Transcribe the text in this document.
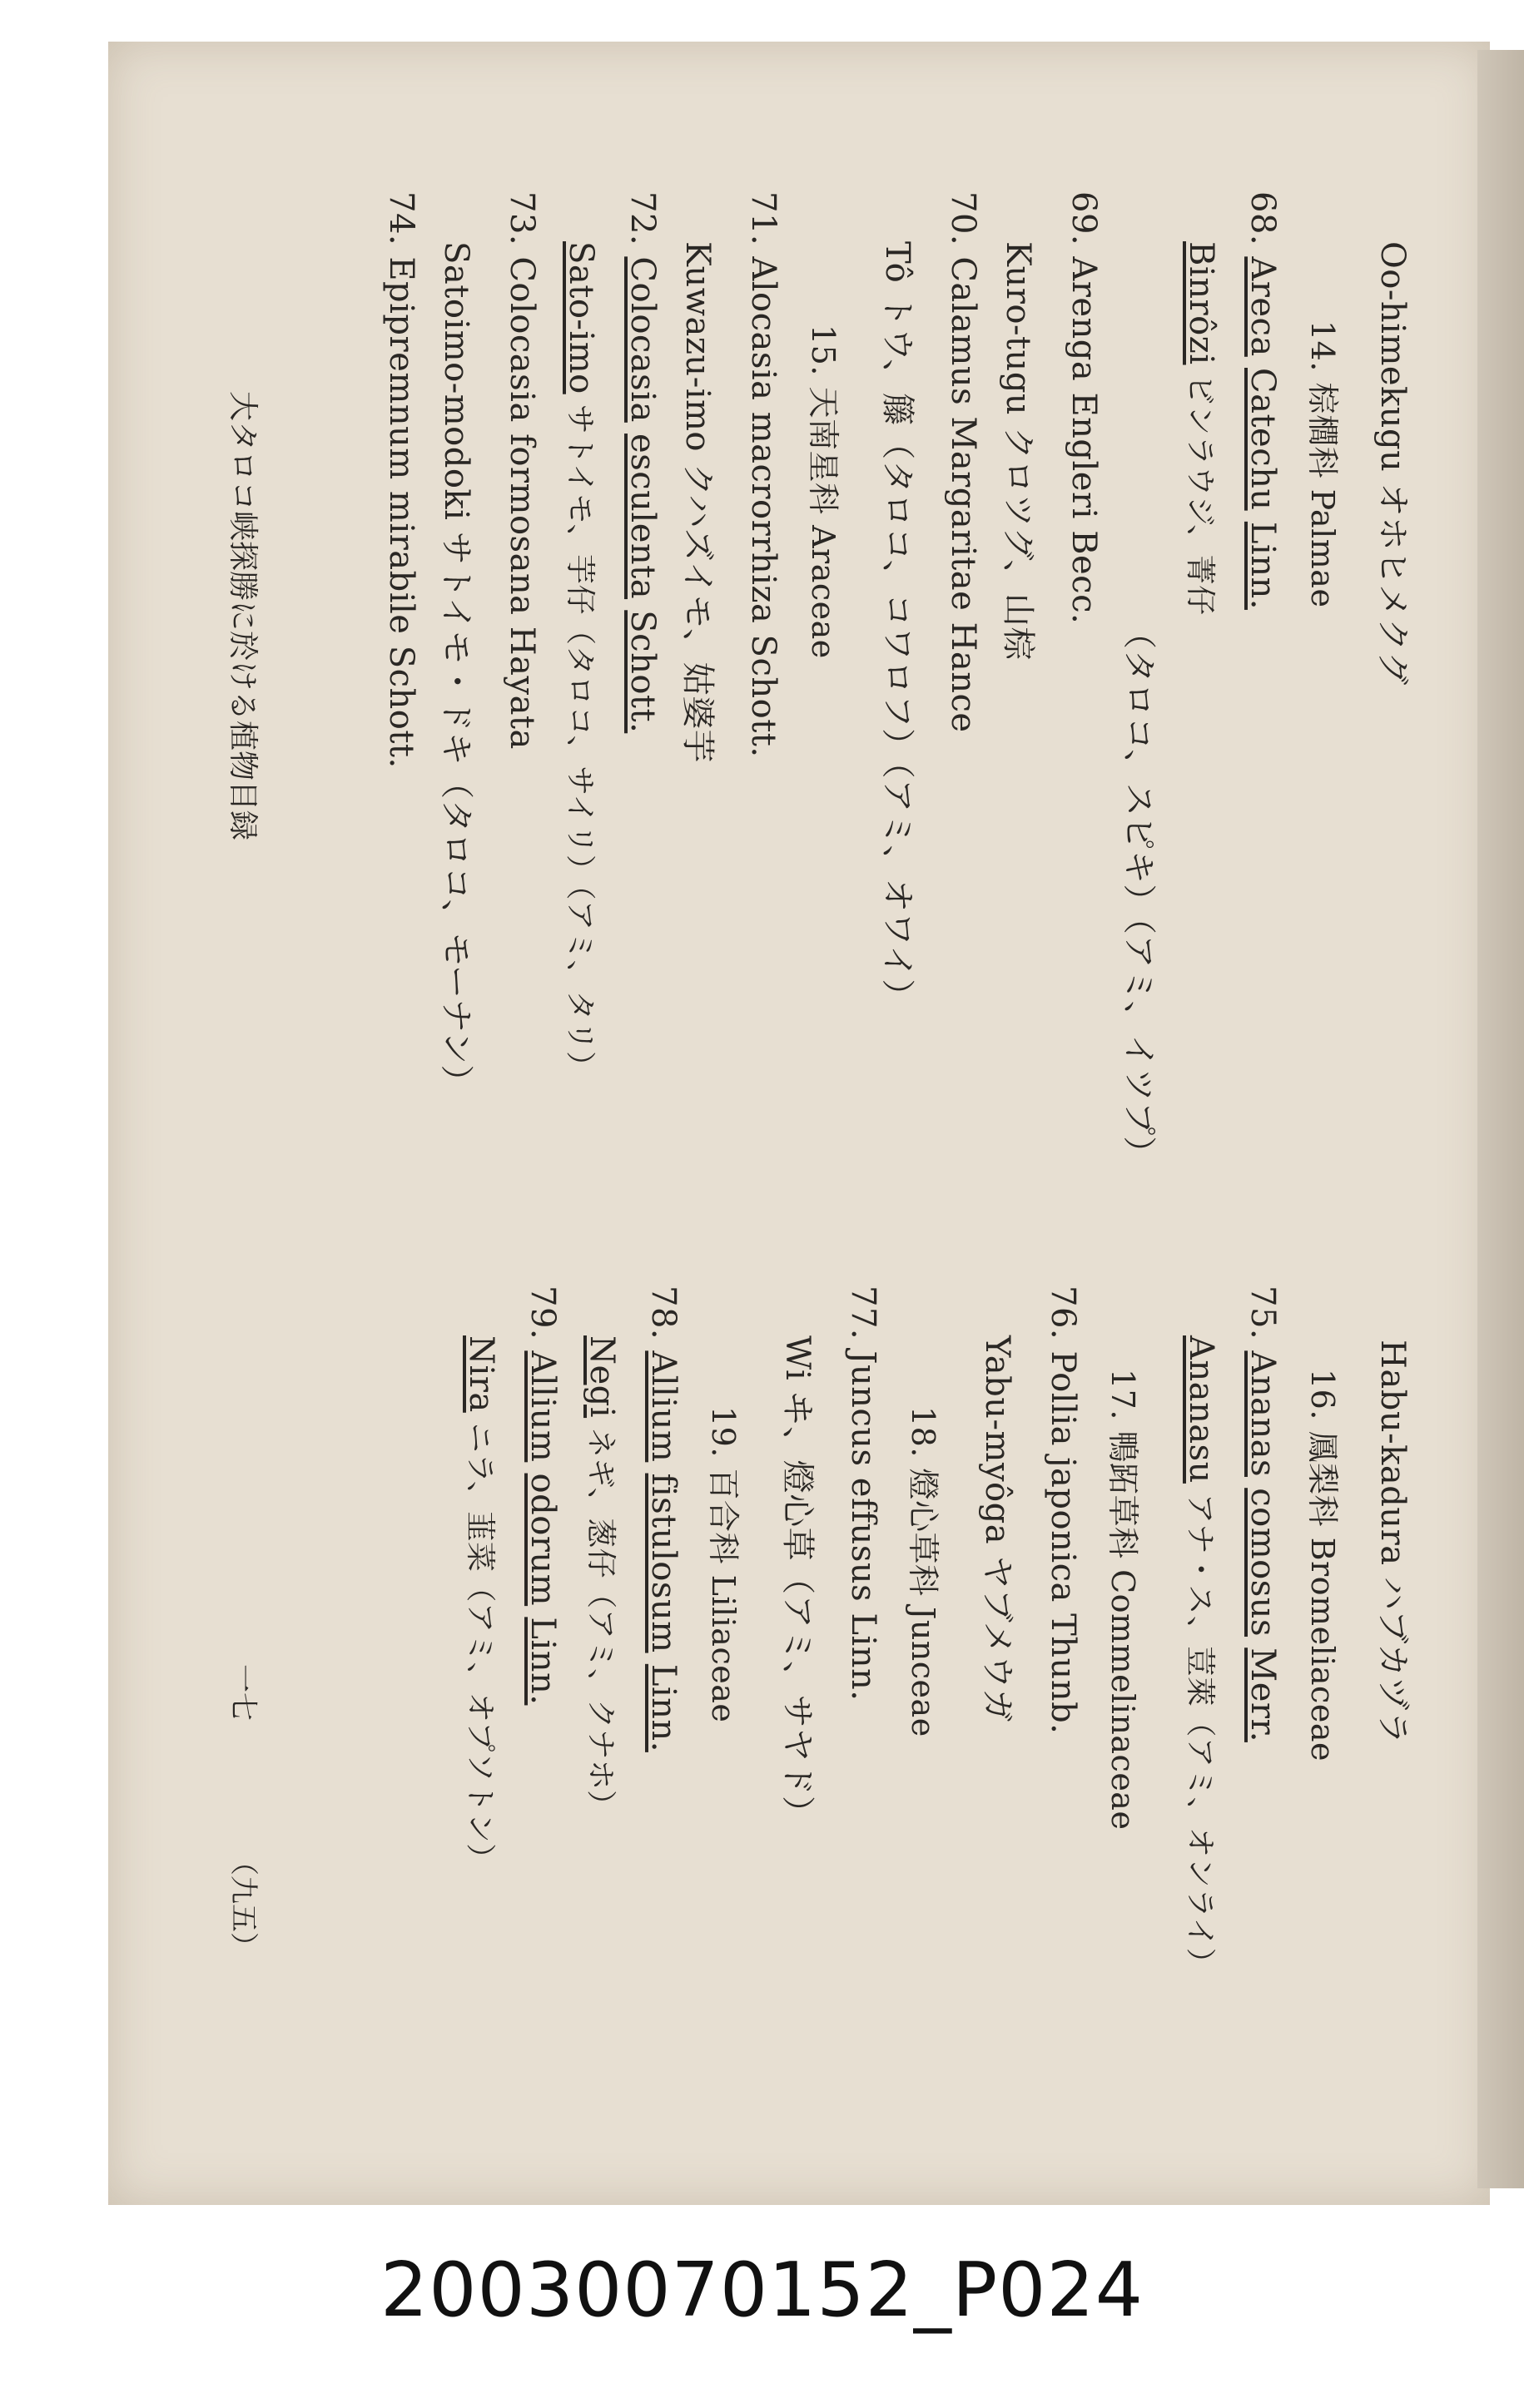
Oo-himekugu オホヒメクグ
14. 棕櫚科 Palmae
68. Areca Catechu Linn.
Binrôzi ビンラウジ、菁仔
（タロコ、スピキ）（アミ、イツプ）
69. Arenga Engleri Becc.
Kuro-tugu クロツグ、山棕
70. Calamus Margaritae Hance
Tô トウ、籐（タロコ、コワロフ）（アミ、オワイ）
15. 天南星科 Araceae
71. Alocasia macrorrhiza Schott.
Kuwazu-imo クハズイモ、姑婆芋
72. Colocasia esculenta Schott.
Sato-imo サトイモ、芋仔（タロコ、サイリ）（アミ、タリ）
73. Colocasia formosana Hayata
Satoimo-modoki サトイモ・ドキ（タロコ、モーナン）
74. Epipremnum mirabile Schott.
Habu-kadura ハブカヅラ
16. 鳳梨科 Bromeliaceae
75. Ananas comosus Merr.
Ananasu アナ・ス、荳萊（アミ、オンライ）
17. 鴨跖草科 Commelinaceae
76. Pollia japonica Thunb.
Yabu-myôga ヤブメウガ
18. 燈心草科 Junceae
77. Juncus effusus Linn.
Wi ヰ、燈心草（アミ、サヤド）
19. 百合科 Liliaceae
78. Allium fistulosum Linn.
Negi ネギ、葱仔（アミ、クナホ）
79. Allium odorum Linn.
Nira ニラ、韮菜（アミ、オプソトン）
大タロコ峡探勝に於ける植物目録
一七
（九五）
20030070152_P024
